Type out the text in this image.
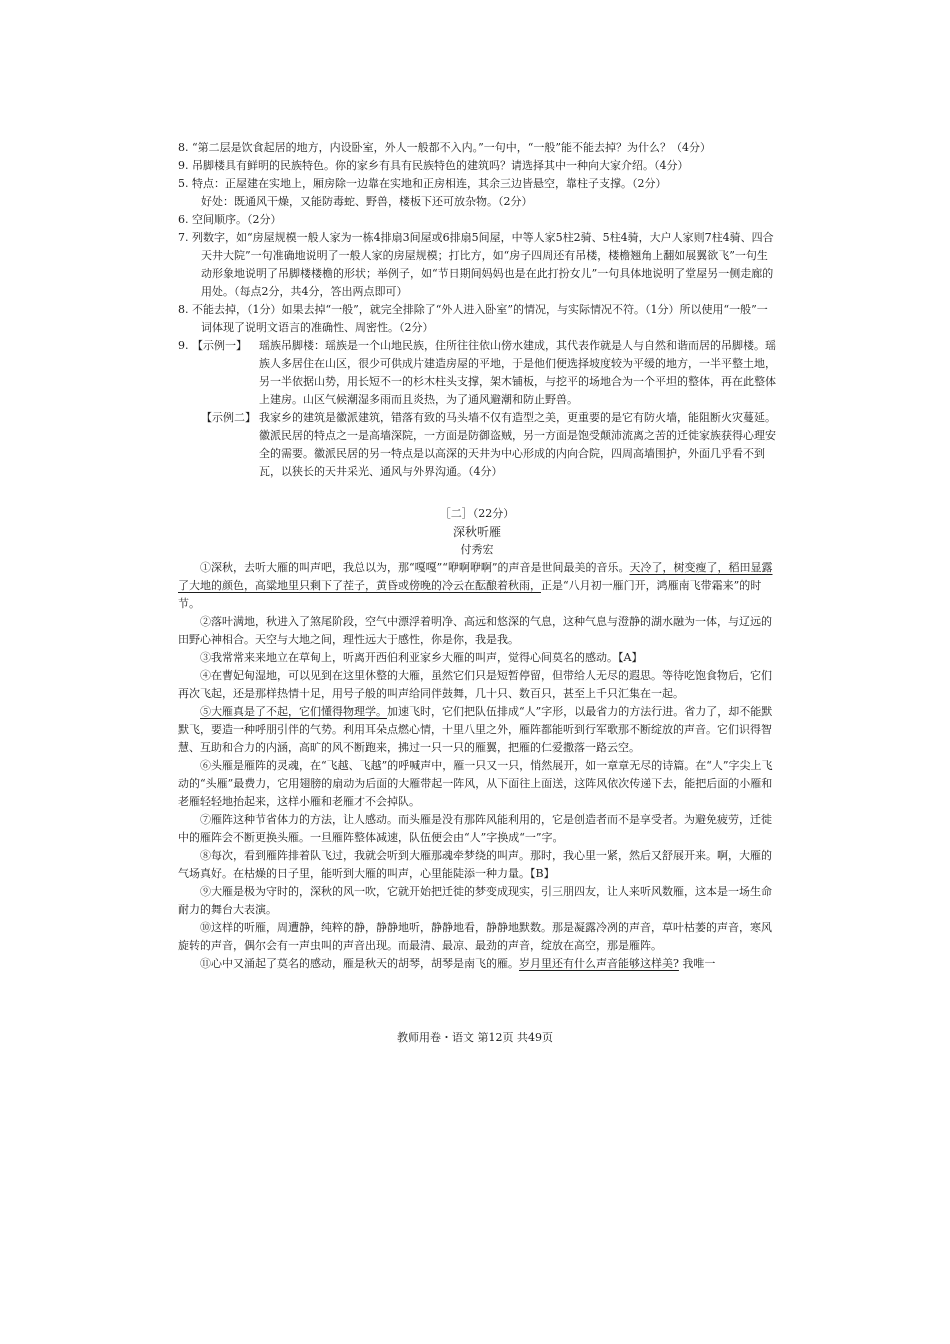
8. “第二层是饮食起居的地方，内设卧室，外人一般都不入内。”一句中，“一般”能不能去掉？为什么？（4分）

9. 吊脚楼具有鲜明的民族特色。你的家乡有具有民族特色的建筑吗？请选择其中一种向大家介绍。（4分）

5. 特点：正屋建在实地上，厢房除一边靠在实地和正房相连，其余三边皆悬空，靠柱子支撑。（2分）

好处：既通风干燥，又能防毒蛇、野兽，楼板下还可放杂物。（2分）

6. 空间顺序。（2分）

7. 列数字，如“房屋规模一般人家为一栋4排扇3间屋或6排扇5间屋，中等人家5柱2骑、5柱4骑，大户人家则7柱4骑、四合天井大院”一句准确地说明了一般人家的房屋规模；打比方，如“房子四周还有吊楼，楼檐翘角上翻如展翼欲飞”一句生动形象地说明了吊脚楼楼檐的形状；举例子，如“节日期间妈妈也是在此打扮女儿”一句具体地说明了堂屋另一侧走廊的用处。（每点2分，共4分，答出两点即可）

8. 不能去掉，（1分）如果去掉“一般”，就完全排除了“外人进入卧室”的情况，与实际情况不符。（1分）所以使用“一般”一词体现了说明文语言的准确性、周密性。（2分）

9. 【示例一】	瑶族吊脚楼：瑶族是一个山地民族，住所往往依山傍水建成，其代表作就是人与自然和谐而居的吊脚楼。瑶族人多居住在山区，很少可供成片建造房屋的平地，于是他们便选择坡度较为平缓的地方，一半平整土地，另一半依据山势，用长短不一的杉木柱头支撑，架木铺板，与挖平的场地合为一个平坦的整体，再在此整体上建房。山区气候潮湿多雨而且炎热，为了通风避潮和防止野兽。
【示例二】 我家乡的建筑是徽派建筑，错落有致的马头墙不仅有造型之美，更重要的是它有防火墙，能阻断火灾蔓延。徽派民居的特点之一是高墙深院，一方面是防御盗贼，另一方面是饱受颠沛流离之苦的迁徙家族获得心理安全的需要。徽派民居的另一特点是以高深的天井为中心形成的内向合院，四周高墙围护，外面几乎看不到瓦，以狭长的天井采光、通风与外界沟通。（4分）

［二］（22分）

深秋听雁

付秀宏

①深秋，去听大雁的叫声吧，我总以为，那“嘎嘎”“咿啊咿啊”的声音是世间最美的音乐。天冷了，树变瘦了，稻田显露了大地的颜色，高粱地里只剩下了茬子，黄昏或傍晚的冷云在酝酿着秋雨，正是“八月初一雁门开，鸿雁南飞带霜来”的时节。

②落叶满地，秋进入了煞尾阶段，空气中漂浮着明净、高远和悠深的气息，这种气息与澄静的湖水融为一体，与辽远的田野心神相合。天空与大地之间，理性远大于感性，你是你，我是我。

③我常常来来地立在草甸上，听离开西伯利亚家乡大雁的叫声，觉得心间莫名的感动。【A】

④在曹妃甸湿地，可以见到在这里休整的大雁，虽然它们只是短暂停留，但带给人无尽的遐思。等待吃饱食物后，它们再次飞起，还是那样热情十足，用号子般的叫声给同伴鼓舞，几十只、数百只，甚至上千只汇集在一起。

⑤大雁真是了不起，它们懂得物理学。加速飞时，它们把队伍排成“人”字形，以最省力的方法行进。省力了，却不能默默飞，要造一种呼朋引伴的气势。利用耳朵点燃心情，十里八里之外，雁阵都能听到行军歌那不断绽放的声音。它们识得智慧、互助和合力的内涵，高旷的风不断跑来，拂过一只一只的雁翼，把雁的仁爱撒落一路云空。

⑥头雁是雁阵的灵魂，在“飞越、飞越”的呼喊声中，雁一只又一只，悄然展开，如一章章无尽的诗篇。在“人”字尖上飞动的“头雁”最费力，它用翅膀的扇动为后面的大雁带起一阵风，从下面往上面送，这阵风依次传递下去，能把后面的小雁和老雁轻轻地抬起来，这样小雁和老雁才不会掉队。

⑦雁阵这种节省体力的方法，让人感动。而头雁是没有那阵风能利用的，它是创造者而不是享受者。为避免疲劳，迁徙中的雁阵会不断更换头雁。一旦雁阵整体减速，队伍便会由“人”字换成“一”字。

⑧每次，看到雁阵排着队飞过，我就会听到大雁那魂牵梦绕的叫声。那时，我心里一紧，然后又舒展开来。啊，大雁的气场真好。在枯燥的日子里，能听到大雁的叫声，心里能陡添一种力量。【B】

⑨大雁是极为守时的，深秋的风一吹，它就开始把迁徙的梦变成现实，引三朋四友，让人来听风数雁，这本是一场生命耐力的舞台大表演。

⑩这样的听雁，周遭静，纯粹的静，静静地听，静静地看，静静地默数。那是凝露冷冽的声音，草叶枯萎的声音，寒风旋转的声音，偶尔会有一声虫叫的声音出现。而最清、最凉、最劲的声音，绽放在高空，那是雁阵。

⑪心中又涌起了莫名的感动，雁是秋天的胡琴，胡琴是南飞的雁。岁月里还有什么声音能够这样美? 我唯一

教师用卷・语文 第12页 共49页
